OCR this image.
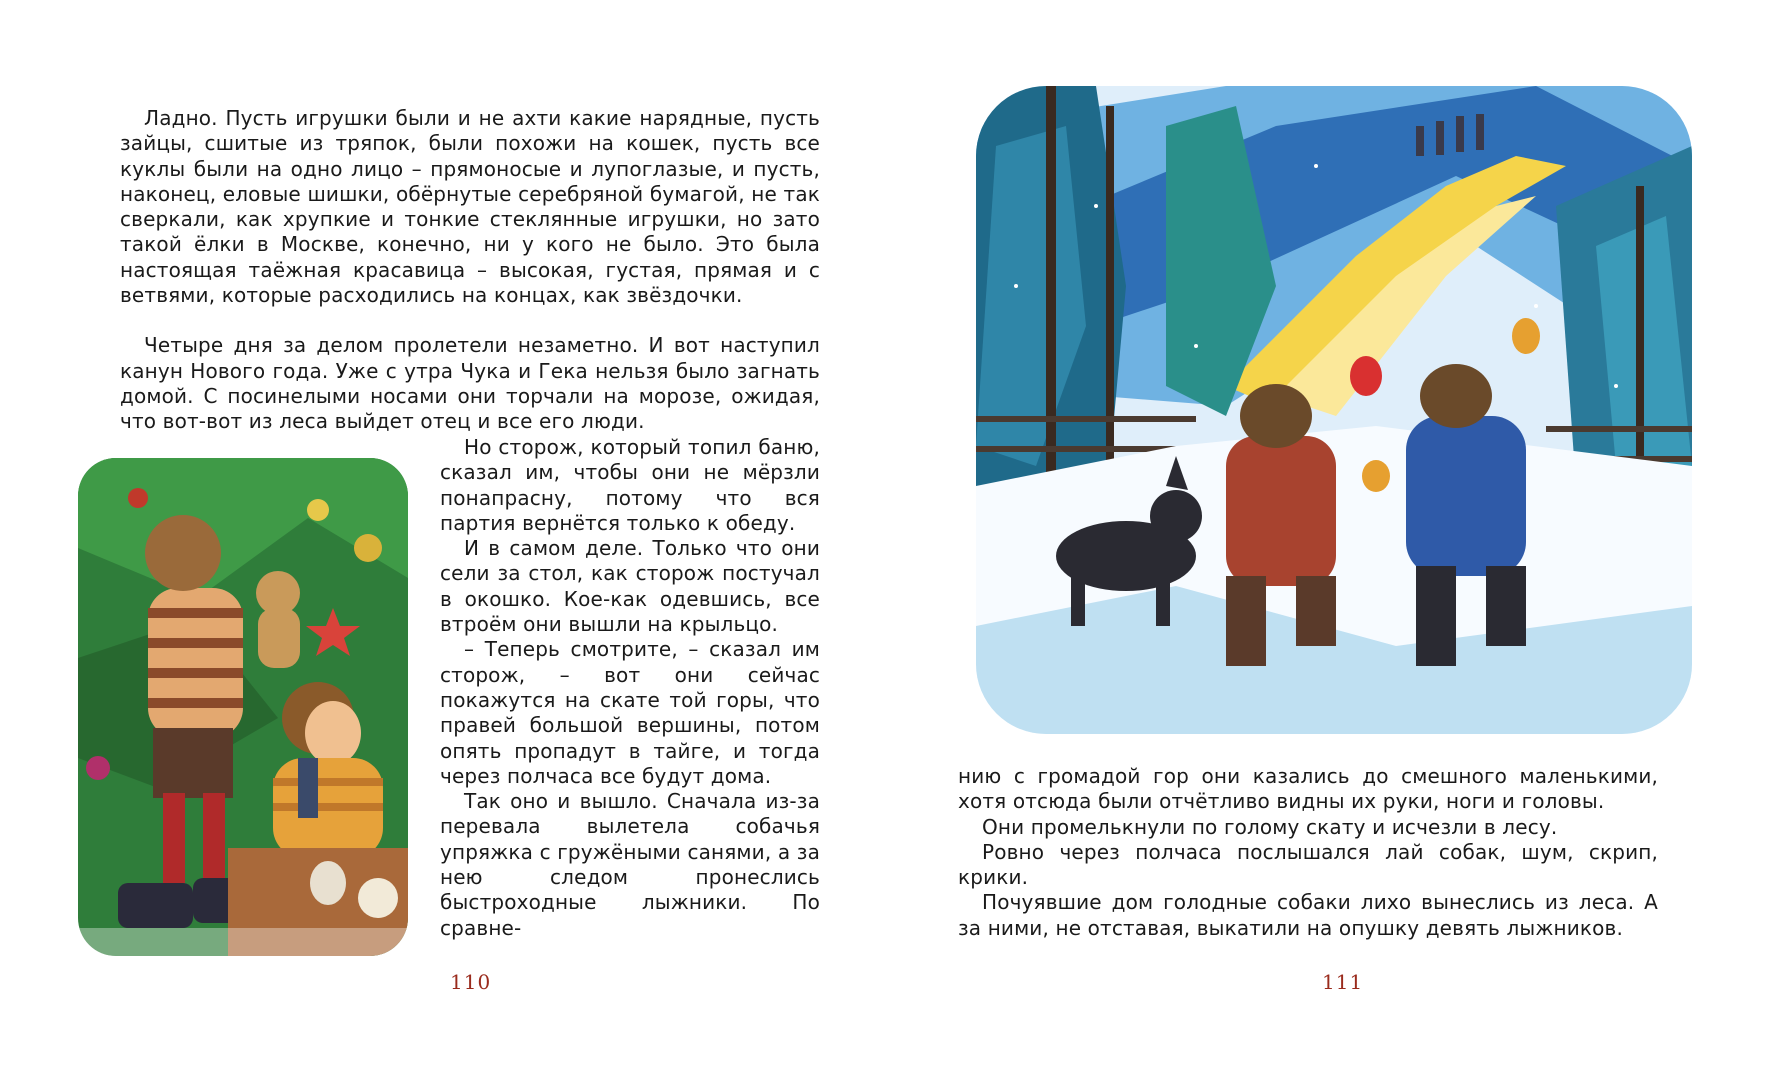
Ладно. Пусть игрушки были и не ахти какие нарядные, пусть зайцы, сшитые из тряпок, были похожи на кошек, пусть все куклы были на одно лицо – прямоносые и лупоглазые, и пусть, наконец, еловые шишки, обёрнутые серебряной бумагой, не так сверкали, как хрупкие и тонкие стеклянные игрушки, но зато такой ёлки в Москве, конечно, ни у кого не было. Это была настоящая таёжная красавица – высокая, густая, прямая и с ветвями, которые расходились на концах, как звёздочки.

Четыре дня за делом пролетели незаметно. И вот наступил канун Нового года. Уже с утра Чука и Гека нельзя было загнать домой. С посинелыми носами они торчали на морозе, ожидая, что вот-вот из леса выйдет отец и все его люди.

Но сторож, который топил баню, сказал им, чтобы они не мёрзли понапрасну, потому что вся партия вернётся только к обеду.

И в самом деле. Только что они сели за стол, как сторож постучал в окошко. Кое-как одевшись, все втроём они вышли на крыльцо.

– Теперь смотрите, – сказал им сторож, – вот они сейчас покажутся на скате той горы, что правей большой вершины, потом опять пропадут в тайге, и тогда через полчаса все будут дома.

Так оно и вышло. Сначала из-за перевала вылетела собачья упряжка с гружёными санями, а за нею следом пронеслись быстроходные лыжники. По сравне-

110

нию с громадой гор они казались до смешного маленькими, хотя отсюда были отчётливо видны их руки, ноги и головы.

Они промелькнули по голому скату и исчезли в лесу.

Ровно через полчаса послышался лай собак, шум, скрип, крики.

Почуявшие дом голодные собаки лихо вынеслись из леса. А за ними, не отставая, выкатили на опушку девять лыжников.

111
